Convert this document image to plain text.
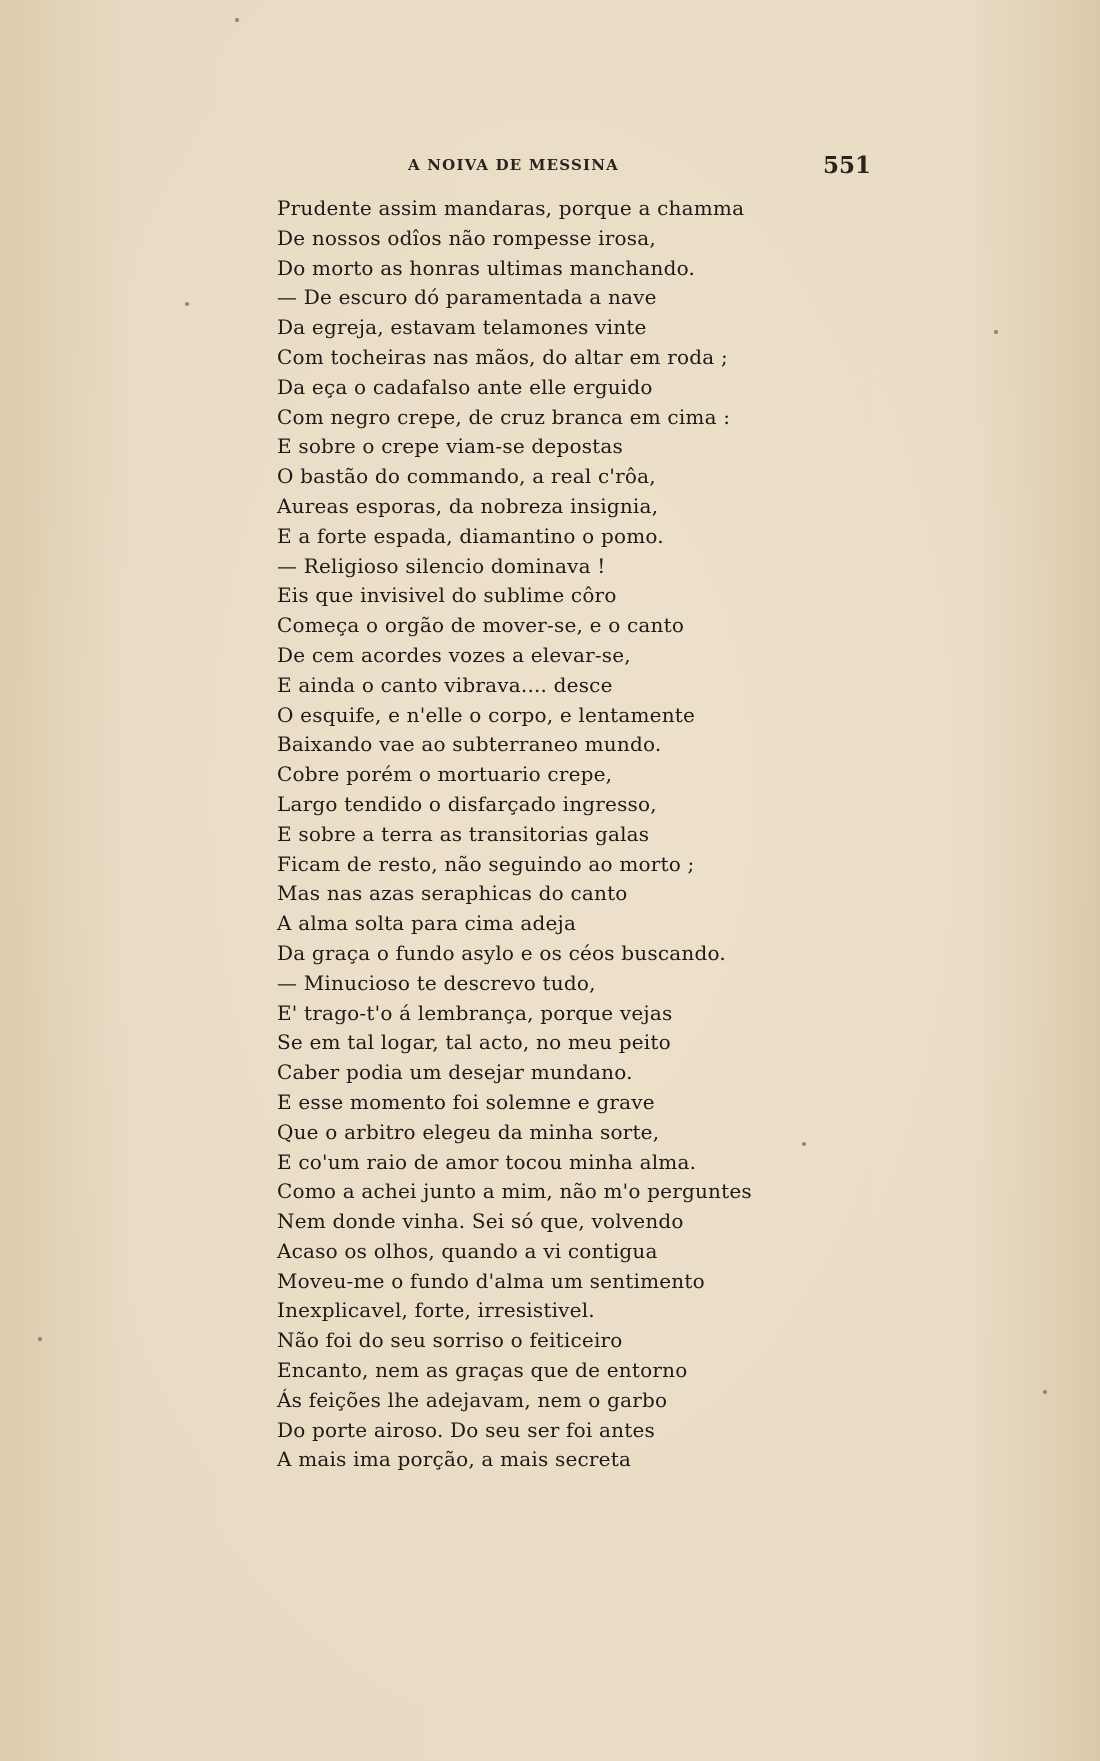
A NOIVA DE MESSINA	551
Prudente assim mandaras, porque a chamma
De nossos odîos não rompesse irosa,
Do morto as honras ultimas manchando.
— De escuro dó paramentada a nave
Da egreja, estavam telamones vinte
Com tocheiras nas mãos, do altar em roda ;
Da eça o cadafalso ante elle erguido
Com negro crepe, de cruz branca em cima :
E sobre o crepe viam-se depostas
O bastão do commando, a real c'rôa,
Aureas esporas, da nobreza insignia,
E a forte espada, diamantino o pomo.
— Religioso silencio dominava !
Eis que invisivel do sublime côro
Começa o orgão de mover-se, e o canto
De cem acordes vozes a elevar-se,
E ainda o canto vibrava.... desce
O esquife, e n'elle o corpo, e lentamente
Baixando vae ao subterraneo mundo.
Cobre porém o mortuario crepe,
Largo tendido o disfarçado ingresso,
E sobre a terra as transitorias galas
Ficam de resto, não seguindo ao morto ;
Mas nas azas seraphicas do canto
A alma solta para cima adeja
Da graça o fundo asylo e os céos buscando.
— Minucioso te descrevo tudo,
E' trago-t'o á lembrança, porque vejas
Se em tal logar, tal acto, no meu peito
Caber podia um desejar mundano.
E esse momento foi solemne e grave
Que o arbitro elegeu da minha sorte,
E co'um raio de amor tocou minha alma.
Como a achei junto a mim, não m'o perguntes
Nem donde vinha. Sei só que, volvendo
Acaso os olhos, quando a vi contigua
Moveu-me o fundo d'alma um sentimento
Inexplicavel, forte, irresistivel.
Não foi do seu sorriso o feiticeiro
Encanto, nem as graças que de entorno
Ás feições lhe adejavam, nem o garbo
Do porte airoso. Do seu ser foi antes
A mais ima porção, a mais secreta
